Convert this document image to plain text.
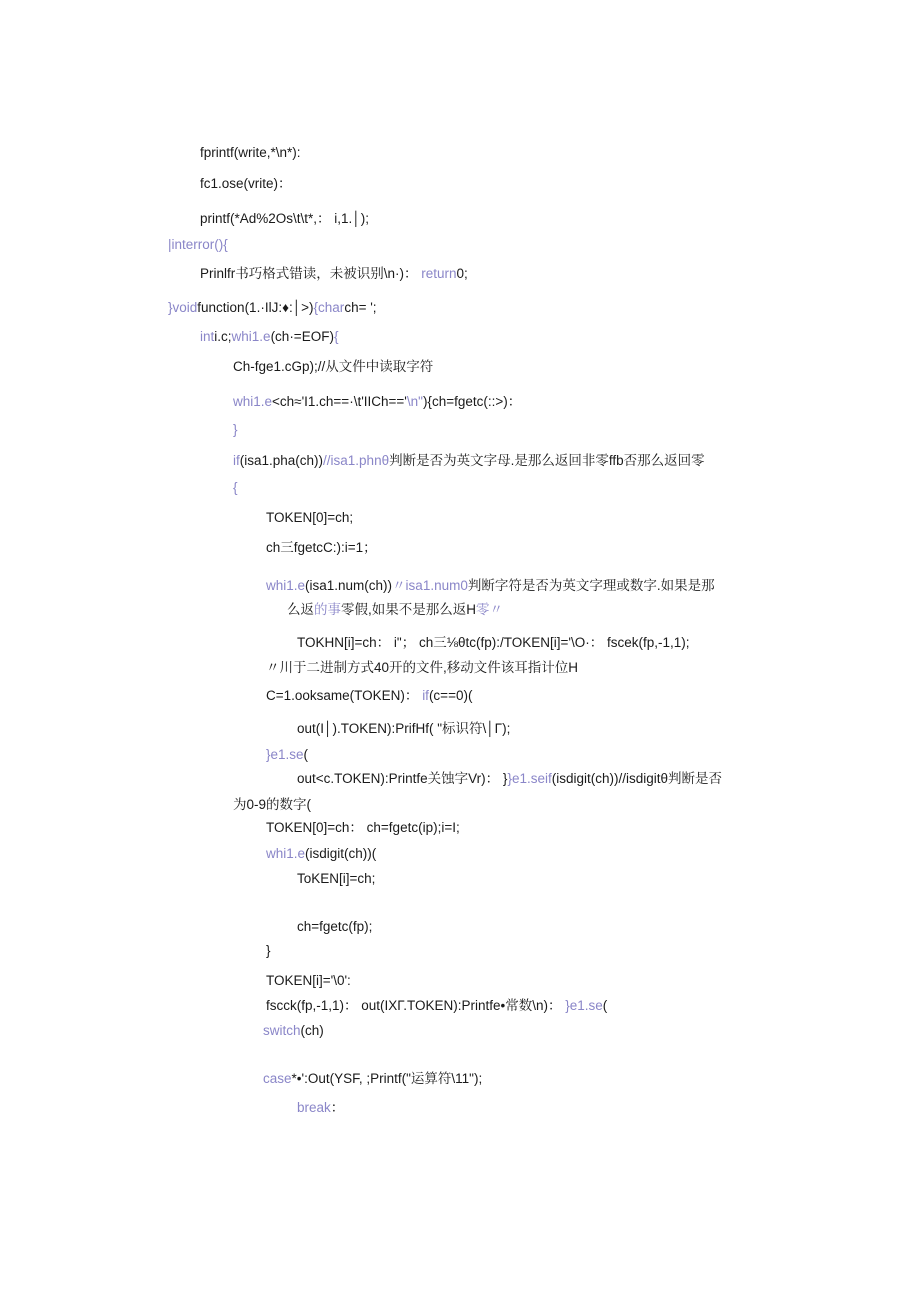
fprintf(write,*\n*):
fc1.ose(vrite)：
printf(*Ad%2Os\t\t*,： i,1.│);
|interror(){
Prinlfr书巧格式错读，未被识别\n·)： return0;
}voidfunction(1.·IlJ:♦:│>){charch= ';
inti.c;whi1.e(ch·=EOF){
Ch-fge1.cGp);//从文件中读取字符
whi1.e<ch≈'I1.ch==·\t'IIСh=='\n"){ch=fgetc(::>)：
}
if(isa1.pha(ch))//isa1.phnθ判断是否为英文字母.是那么返回非零ffb否那么返回零
{
TOKEN[0]=ch;
ch三fgetcC:):i=1；
whi1.e(isa1.num(ch))〃isa1.num0判断字符是否为英文字理或数字.如果是那
么返的事零假,如果不是那么返H零〃
TOKHN[i]=ch： i"； ch三⅛θtc(fp):/TOKEN[i]='\O·： fscek(fp,-1,1);
〃川于二进制方式40开的文件,移动文件该耳指计位H
C=1.ooksame(TOKEN)： if(c==0)(
out(I│).TOKEN):PrifHf( "标识符\│Γ);
}e1.se(
out<c.TOKEN):Printfe关蚀字Vr)： }}e1.seif(isdigit(ch))//isdigitθ判断是否
为0-9的数字(
TOKEN[0]=ch： ch=fgetc(ip);i=I;
whi1.e(isdigit(ch))(
ToKEN[i]=ch;
ch=fgetc(fp);
}
TOKEN[i]='\0':
fscck(fp,-1,1)： out(IXΓ.TOKEN):Printfe•常数\n)： }e1.se(
switch(ch)
case*•':Out(YSF, ;Printf("运算符\11");
break：
